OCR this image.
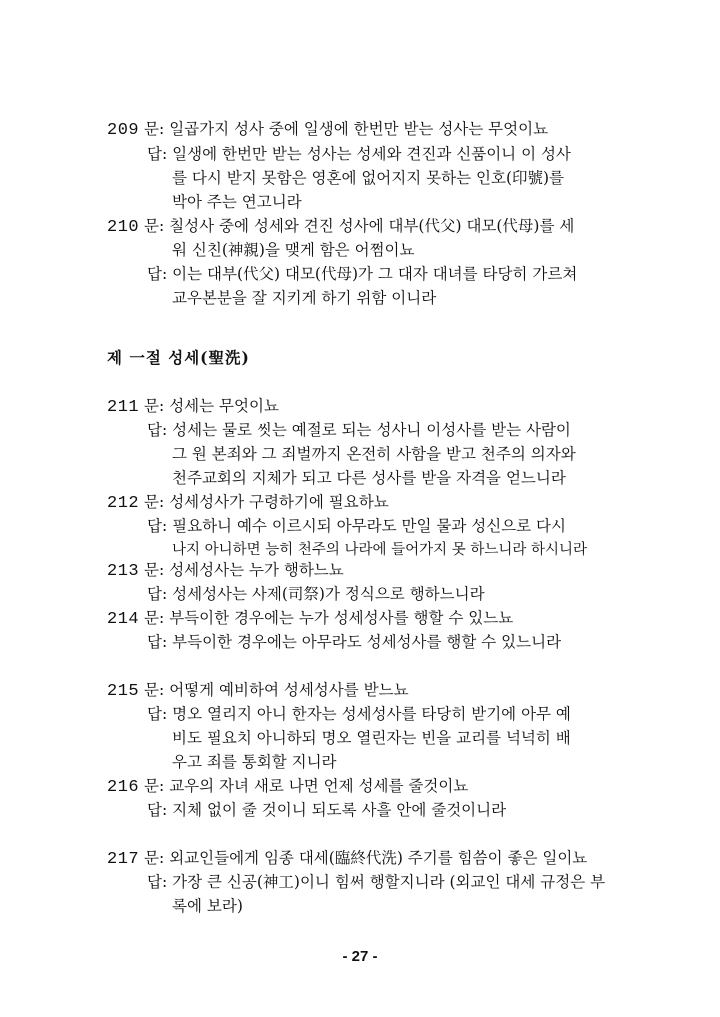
209 문: 일곱가지 성사 중에 일생에 한번만 받는 성사는 무엇이뇨
답: 일생에 한번만 받는 성사는 성세와 견진과 신품이니 이 성사
를 다시 받지 못함은 영혼에 없어지지 못하는 인호(印號)를
박아 주는 연고니라
210 문: 칠성사 중에 성세와 견진 성사에 대부(代父) 대모(代母)를 세
워 신친(神親)을 맺게 함은 어쩜이뇨
답: 이는 대부(代父) 대모(代母)가 그 대자 대녀를 타당히 가르쳐
교우본분을 잘 지키게 하기 위함 이니라
제 一절 성세(聖洗)
211 문: 성세는 무엇이뇨
답: 성세는 물로 씻는 예절로 되는 성사니 이성사를 받는 사람이
그 원 본죄와 그 죄벌까지 온전히 사함을 받고 천주의 의자와
천주교회의 지체가 되고 다른 성사를 받을 자격을 얻느니라
212 문: 성세성사가 구령하기에 필요하뇨
답: 필요하니 예수 이르시되 아무라도 만일 물과 성신으로 다시
나지 아니하면 능히 천주의 나라에 들어가지 못 하느니라 하시니라
213 문: 성세성사는 누가 행하느뇨
답: 성세성사는 사제(司祭)가 정식으로 행하느니라
214 문: 부득이한 경우에는 누가 성세성사를 행할 수 있느뇨
답: 부득이한 경우에는 아무라도 성세성사를 행할 수 있느니라
215 문: 어떻게 예비하여 성세성사를 받느뇨
답: 명오 열리지 아니 한자는 성세성사를 타당히 받기에 아무 예
비도 필요치 아니하되 명오 열린자는 빈을 교리를 넉넉히 배
우고 죄를 통회할 지니라
216 문: 교우의 자녀 새로 나면 언제 성세를 줄것이뇨
답: 지체 없이 줄 것이니 되도록 사흘 안에 줄것이니라
217 문: 외교인들에게 임종 대세(臨終代洗) 주기를 힘씀이 좋은 일이뇨
답: 가장 큰 신공(神工)이니 힘써 행할지니라 (외교인 대세 규정은 부
록에 보라)
- 27 -
